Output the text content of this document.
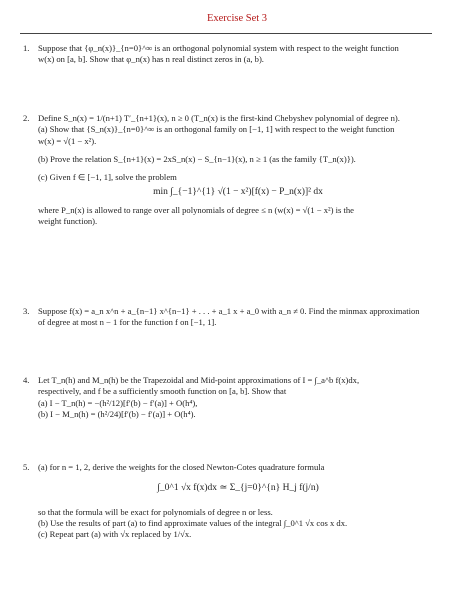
Exercise Set 3
1. Suppose that {φ_n(x)}_{n=0}^∞ is an orthogonal polynomial system with respect to the weight function
w(x) on [a, b]. Show that φ_n(x) has n real distinct zeros in (a, b).
2. Define S_n(x) = 1/(n+1) T′_{n+1}(x), n ≥ 0 (T_n(x) is the first-kind Chebyshev polynomial of degree n).
(a) Show that {S_n(x)}_{n=0}^∞ is an orthogonal family on [−1, 1] with respect to the weight function
w(x) = √(1 − x²).
(b) Prove the relation S_{n+1}(x) = 2xS_n(x) − S_{n−1}(x), n ≥ 1 (as the family {T_n(x)}).
(c) Given f ∈ [−1, 1], solve the problem
min ∫_{−1}^{1} √(1 − x²)[f(x) − P_n(x)]² dx
where P_n(x) is allowed to range over all polynomials of degree ≤ n (w(x) = √(1 − x²) is the
weight function).
3. Suppose f(x) = a_n x^n + a_{n−1} x^{n−1} + . . . + a_1 x + a_0 with a_n ≠ 0. Find the minmax approximation
of degree at most n − 1 for the function f on [−1, 1].
4. Let T_n(h) and M_n(h) be the Trapezoidal and Mid-point approximations of I = ∫_a^b f(x)dx,
respectively, and f be a sufficiently smooth function on [a, b]. Show that
(a) I − T_n(h) = −(h²/12)[f′(b) − f′(a)] + O(h⁴),
(b) I − M_n(h) = (h²/24)[f′(b) − f′(a)] + O(h⁴).
5. (a) for n = 1, 2, derive the weights for the closed Newton-Cotes quadrature formula
∫_0^1 √x f(x)dx ≃ Σ_{j=0}^{n} H_j f(j/n)
so that the formula will be exact for polynomials of degree n or less.
(b) Use the results of part (a) to find approximate values of the integral ∫_0^1 √x cos x dx.
(c) Repeat part (a) with √x replaced by 1/√x.
